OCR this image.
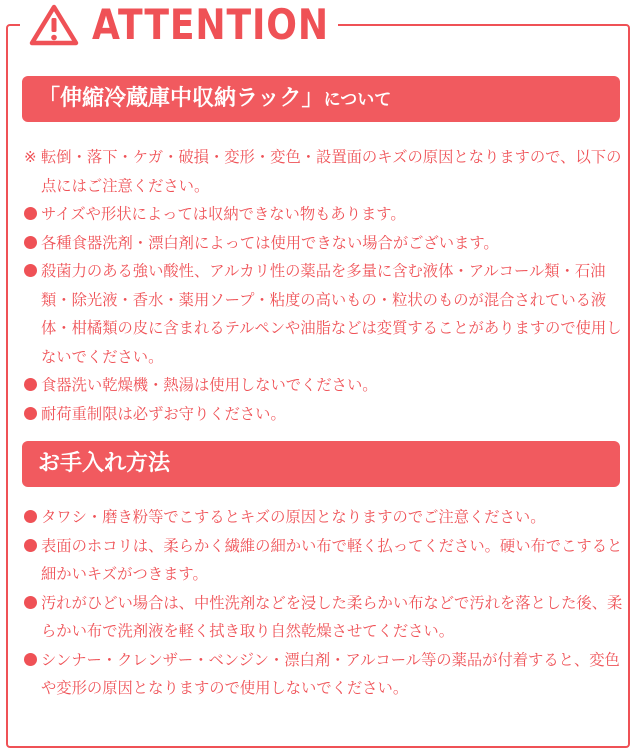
ATTENTION
「伸縮冷蔵庫中収納ラック」について
※ 転倒・落下・ケガ・破損・変形・変色・設置面のキズの原因となりますので、以下の点にはご注意ください。
サイズや形状によっては収納できない物もあります。
各種食器洗剤・漂白剤によっては使用できない場合がございます。
殺菌力のある強い酸性、アルカリ性の薬品を多量に含む液体・アルコール類・石油類・除光液・香水・薬用ソープ・粘度の高いもの・粒状のものが混合されている液体・柑橘類の皮に含まれるテルペンや油脂などは変質することがありますので使用しないでください。
食器洗い乾燥機・熱湯は使用しないでください。
耐荷重制限は必ずお守りください。
お手入れ方法
タワシ・磨き粉等でこするとキズの原因となりますのでご注意ください。
表面のホコリは、柔らかく繊維の細かい布で軽く払ってください。硬い布でこすると細かいキズがつきます。
汚れがひどい場合は、中性洗剤などを浸した柔らかい布などで汚れを落とした後、柔らかい布で洗剤液を軽く拭き取り自然乾燥させてください。
シンナー・クレンザー・ベンジン・漂白剤・アルコール等の薬品が付着すると、変色や変形の原因となりますので使用しないでください。
